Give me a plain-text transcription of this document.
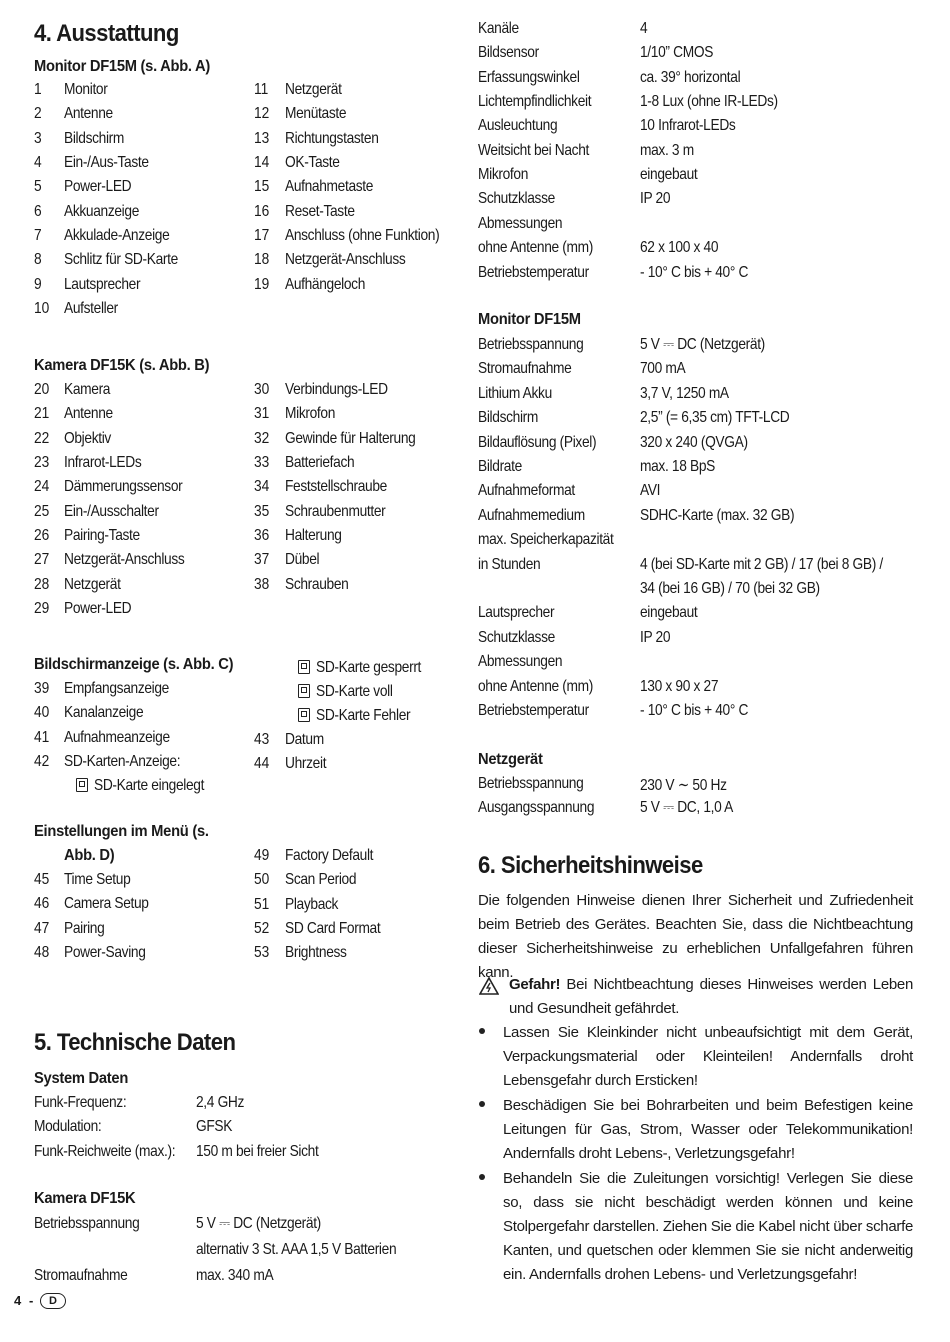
4. Ausstattung
Monitor DF15M (s. Abb. A)
1 Monitor
2 Antenne
3 Bildschirm
4 Ein-/Aus-Taste
5 Power-LED
6 Akkuanzeige
7 Akkulade-Anzeige
8 Schlitz für SD-Karte
9 Lautsprecher
10 Aufsteller
11 Netzgerät
12 Menütaste
13 Richtungstasten
14 OK-Taste
15 Aufnahmetaste
16 Reset-Taste
17 Anschluss (ohne Funktion)
18 Netzgerät-Anschluss
19 Aufhängeloch
Kamera DF15K (s. Abb. B)
20 Kamera
21 Antenne
22 Objektiv
23 Infrarot-LEDs
24 Dämmerungssensor
25 Ein-/Ausschalter
26 Pairing-Taste
27 Netzgerät-Anschluss
28 Netzgerät
29 Power-LED
30 Verbindungs-LED
31 Mikrofon
32 Gewinde für Halterung
33 Batteriefach
34 Feststellschraube
35 Schraubenmutter
36 Halterung
37 Dübel
38 Schrauben
Bildschirmanzeige (s. Abb. C)
39 Empfangsanzeige
40 Kanalanzeige
41 Aufnahmeanzeige
42 SD-Karten-Anzeige:
SD-Karte eingelegt
SD-Karte gesperrt
SD-Karte voll
SD-Karte Fehler
43 Datum
44 Uhrzeit
Einstellungen im Menü (s.
Abb. D)
45 Time Setup
46 Camera Setup
47 Pairing
48 Power-Saving
49 Factory Default
50 Scan Period
51 Playback
52 SD Card Format
53 Brightness
5. Technische Daten
System Daten
Funk-Frequenz:	2,4 GHz
Modulation:	GFSK
Funk-Reichweite (max.): 150 m bei freier Sicht
Kamera DF15K
Betriebsspannung	5 V ⎓ DC (Netzgerät)
alternativ 3 St. AAA 1,5 V Batterien
Stromaufnahme	max. 340 mA
Kanäle	4
Bildsensor	1/10” CMOS
Erfassungswinkel	ca. 39° horizontal
Lichtempfindlichkeit	1-8 Lux (ohne IR-LEDs)
Ausleuchtung	10 Infrarot-LEDs
Weitsicht bei Nacht	max. 3 m
Mikrofon	eingebaut
Schutzklasse	IP 20
Abmessungen
ohne Antenne (mm)	62 x 100 x 40
Betriebstemperatur	- 10° C bis + 40° C
Monitor DF15M
Betriebsspannung	5 V ⎓ DC (Netzgerät)
Stromaufnahme	700 mA
Lithium Akku	3,7 V, 1250 mA
Bildschirm	2,5” (= 6,35 cm) TFT-LCD
Bildauflösung (Pixel)	320 x 240 (QVGA)
Bildrate	max. 18 BpS
Aufnahmeformat	AVI
Aufnahmemedium	SDHC-Karte (max. 32 GB)
max. Speicherkapazität
in Stunden	4 (bei SD-Karte mit 2 GB) / 17 (bei 8 GB) /
34 (bei 16 GB) / 70 (bei 32 GB)
Lautsprecher	eingebaut
Schutzklasse	IP 20
Abmessungen
ohne Antenne (mm)	130 x 90 x 27
Betriebstemperatur	- 10° C bis + 40° C
Netzgerät
Betriebsspannung	230 V ∼ 50 Hz
Ausgangsspannung	5 V ⎓ DC, 1,0 A
6. Sicherheitshinweise
Die folgenden Hinweise dienen Ihrer Sicherheit und Zufriedenheit beim Betrieb des Gerätes. Beachten Sie, dass die Nichtbeachtung dieser Sicherheitshinweise zu erheblichen Unfallgefahren führen kann.
Gefahr! Bei Nichtbeachtung dieses Hinweises werden Leben und Gesundheit gefährdet.
Lassen Sie Kleinkinder nicht unbeaufsichtigt mit dem Gerät, Verpackungsmaterial oder Kleinteilen! Andernfalls droht Lebensgefahr durch Ersticken!
Beschädigen Sie bei Bohrarbeiten und beim Befestigen keine Leitungen für Gas, Strom, Wasser oder Telekommunikation! Andernfalls droht Lebens-, Verletzungsgefahr!
Behandeln Sie die Zuleitungen vorsichtig! Verlegen Sie diese so, dass sie nicht beschädigt werden können und keine Stolpergefahr darstellen. Ziehen Sie die Kabel nicht über scharfe Kanten, und quetschen oder klemmen Sie sie nicht anderweitig ein. Andernfalls drohen Lebens- und Verletzungsgefahr!
4 -	D
